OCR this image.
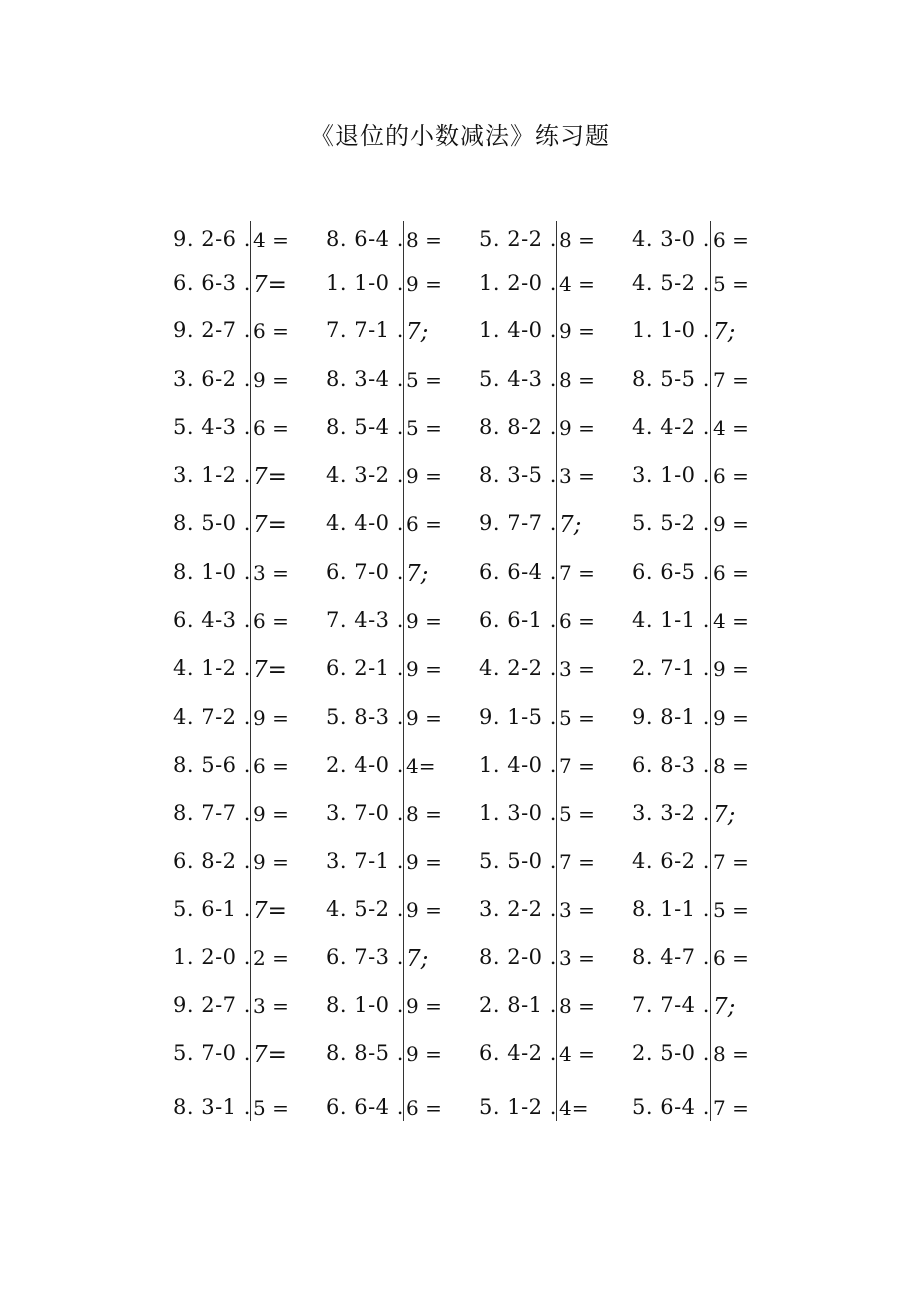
《退位的小数减法》练习题
9. 2-6 . 4 =
6. 6-3 . 7=
9. 2-7 . 6 =
3. 6-2 . 9 =
5. 4-3 . 6 =
3. 1-2 . 7=
8. 5-0 . 7=
8. 1-0 . 3 =
6. 4-3 . 6 =
4. 1-2 . 7=
4. 7-2 . 9 =
8. 5-6 . 6 =
8. 7-7 . 9 =
6. 8-2 . 9 =
5. 6-1 . 7=
1. 2-0 . 2 =
9. 2-7 . 3 =
5. 7-0 . 7=
8. 3-1 . 5 =
8. 6-4 . 8 =
1. 1-0 . 9 =
7. 7-1 . 7;
8. 3-4 . 5 =
8. 5-4 . 5 =
4. 3-2 . 9 =
4. 4-0 . 6 =
6. 7-0 . 7;
7. 4-3 . 9 =
6. 2-1 . 9 =
5. 8-3 . 9 =
2. 4-0 . 4=
3. 7-0 . 8 =
3. 7-1 . 9 =
4. 5-2 . 9 =
6. 7-3 . 7;
8. 1-0 . 9 =
8. 8-5 . 9 =
6. 6-4 . 6 =
5. 2-2 . 8 =
1. 2-0 . 4 =
1. 4-0 . 9 =
5. 4-3 . 8 =
8. 8-2 . 9 =
8. 3-5 . 3 =
9. 7-7 . 7;
6. 6-4 . 7 =
6. 6-1 . 6 =
4. 2-2 . 3 =
9. 1-5 . 5 =
1. 4-0 . 7 =
1. 3-0 . 5 =
5. 5-0 . 7 =
3. 2-2 . 3 =
8. 2-0 . 3 =
2. 8-1 . 8 =
6. 4-2 . 4 =
5. 1-2 . 4=
4. 3-0 . 6 =
4. 5-2 . 5 =
1. 1-0 . 7;
8. 5-5 . 7 =
4. 4-2 . 4 =
3. 1-0 . 6 =
5. 5-2 . 9 =
6. 6-5 . 6 =
4. 1-1 . 4 =
2. 7-1 . 9 =
9. 8-1 . 9 =
6. 8-3 . 8 =
3. 3-2 . 7;
4. 6-2 . 7 =
8. 1-1 . 5 =
8. 4-7 . 6 =
7. 7-4 . 7;
2. 5-0 . 8 =
5. 6-4 . 7 =
